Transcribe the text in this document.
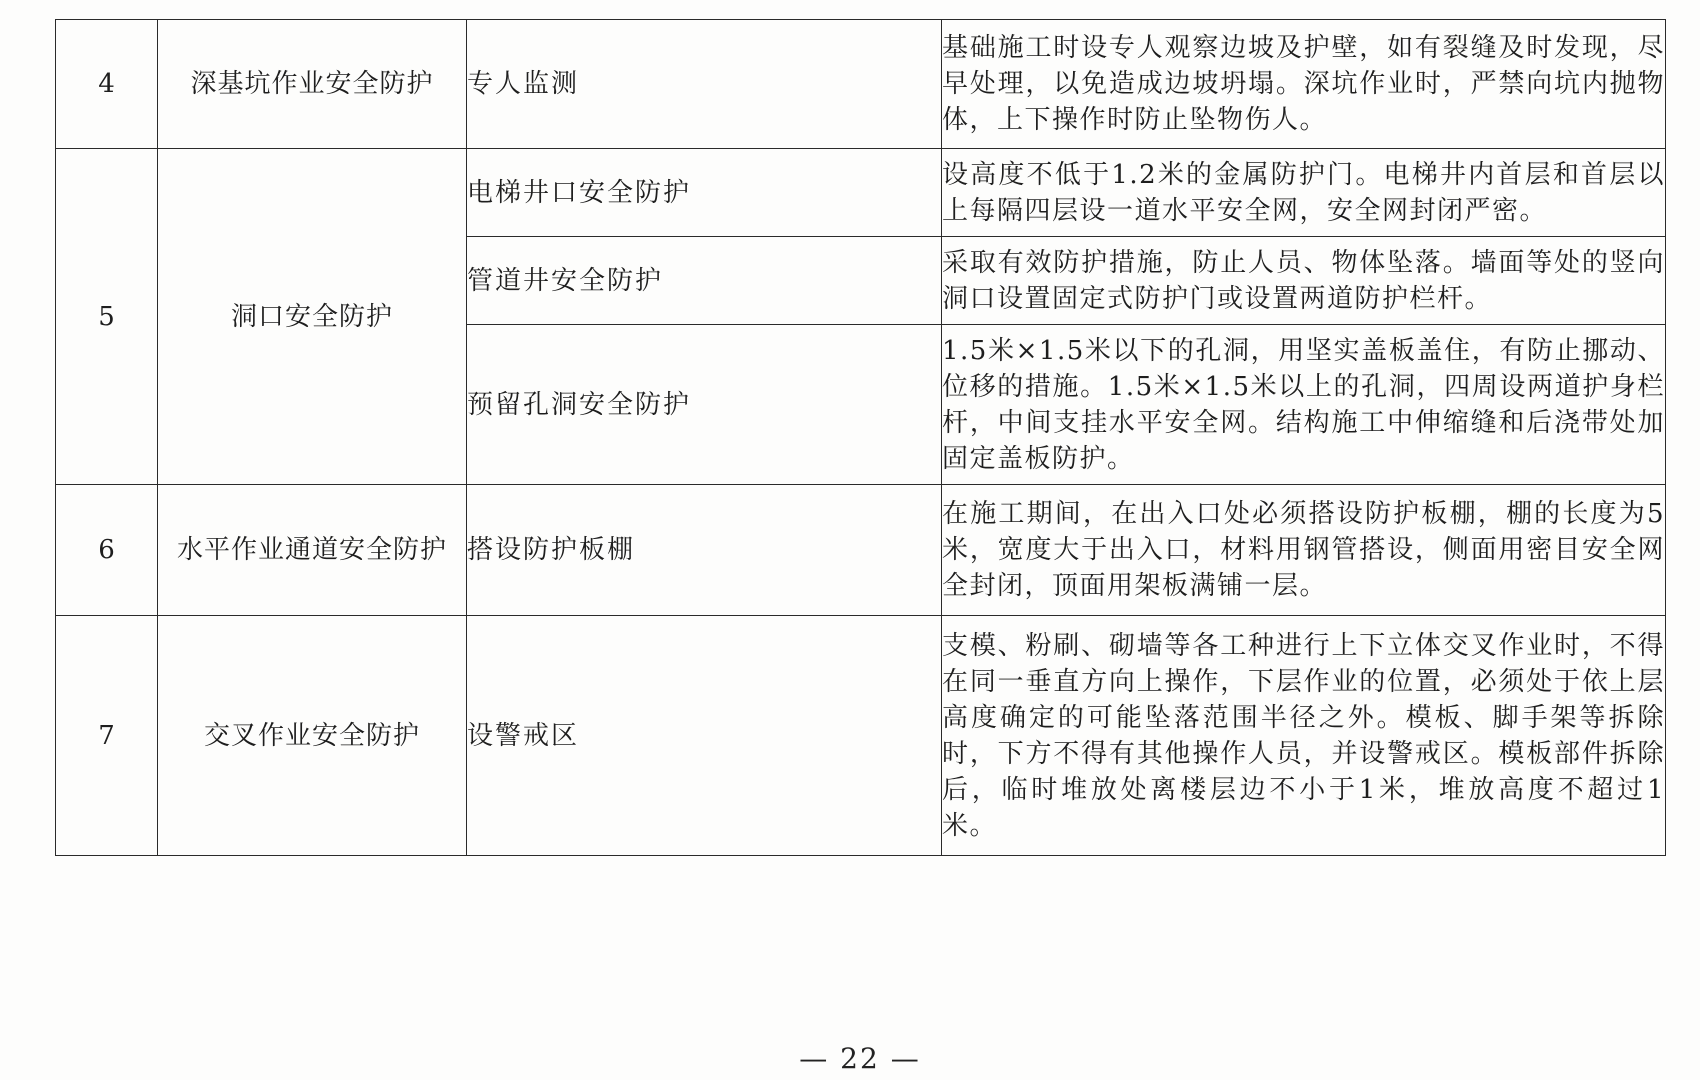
4	深基坑作业安全防护	专人监测	基础施工时设专人观察边坡及护壁，如有裂缝及时发现，尽早处理，以免造成边坡坍塌。深坑作业时，严禁向坑内抛物体，上下操作时防止坠物伤人。
5	洞口安全防护	电梯井口安全防护	设高度不低于1.2米的金属防护门。电梯井内首层和首层以上每隔四层设一道水平安全网，安全网封闭严密。
		管道井安全防护	采取有效防护措施，防止人员、物体坠落。墙面等处的竖向洞口设置固定式防护门或设置两道防护栏杆。
		预留孔洞安全防护	1.5米×1.5米以下的孔洞，用坚实盖板盖住，有防止挪动、位移的措施。1.5米×1.5米以上的孔洞，四周设两道护身栏杆，中间支挂水平安全网。结构施工中伸缩缝和后浇带处加固定盖板防护。
6	水平作业通道安全防护	搭设防护板棚	在施工期间，在出入口处必须搭设防护板棚，棚的长度为5米，宽度大于出入口，材料用钢管搭设，侧面用密目安全网全封闭，顶面用架板满铺一层。
7	交叉作业安全防护	设警戒区	支模、粉刷、砌墙等各工种进行上下立体交叉作业时，不得在同一垂直方向上操作，下层作业的位置，必须处于依上层高度确定的可能坠落范围半径之外。模板、脚手架等拆除时，下方不得有其他操作人员，并设警戒区。模板部件拆除后，临时堆放处离楼层边不小于1米，堆放高度不超过1米。
— 22 —
